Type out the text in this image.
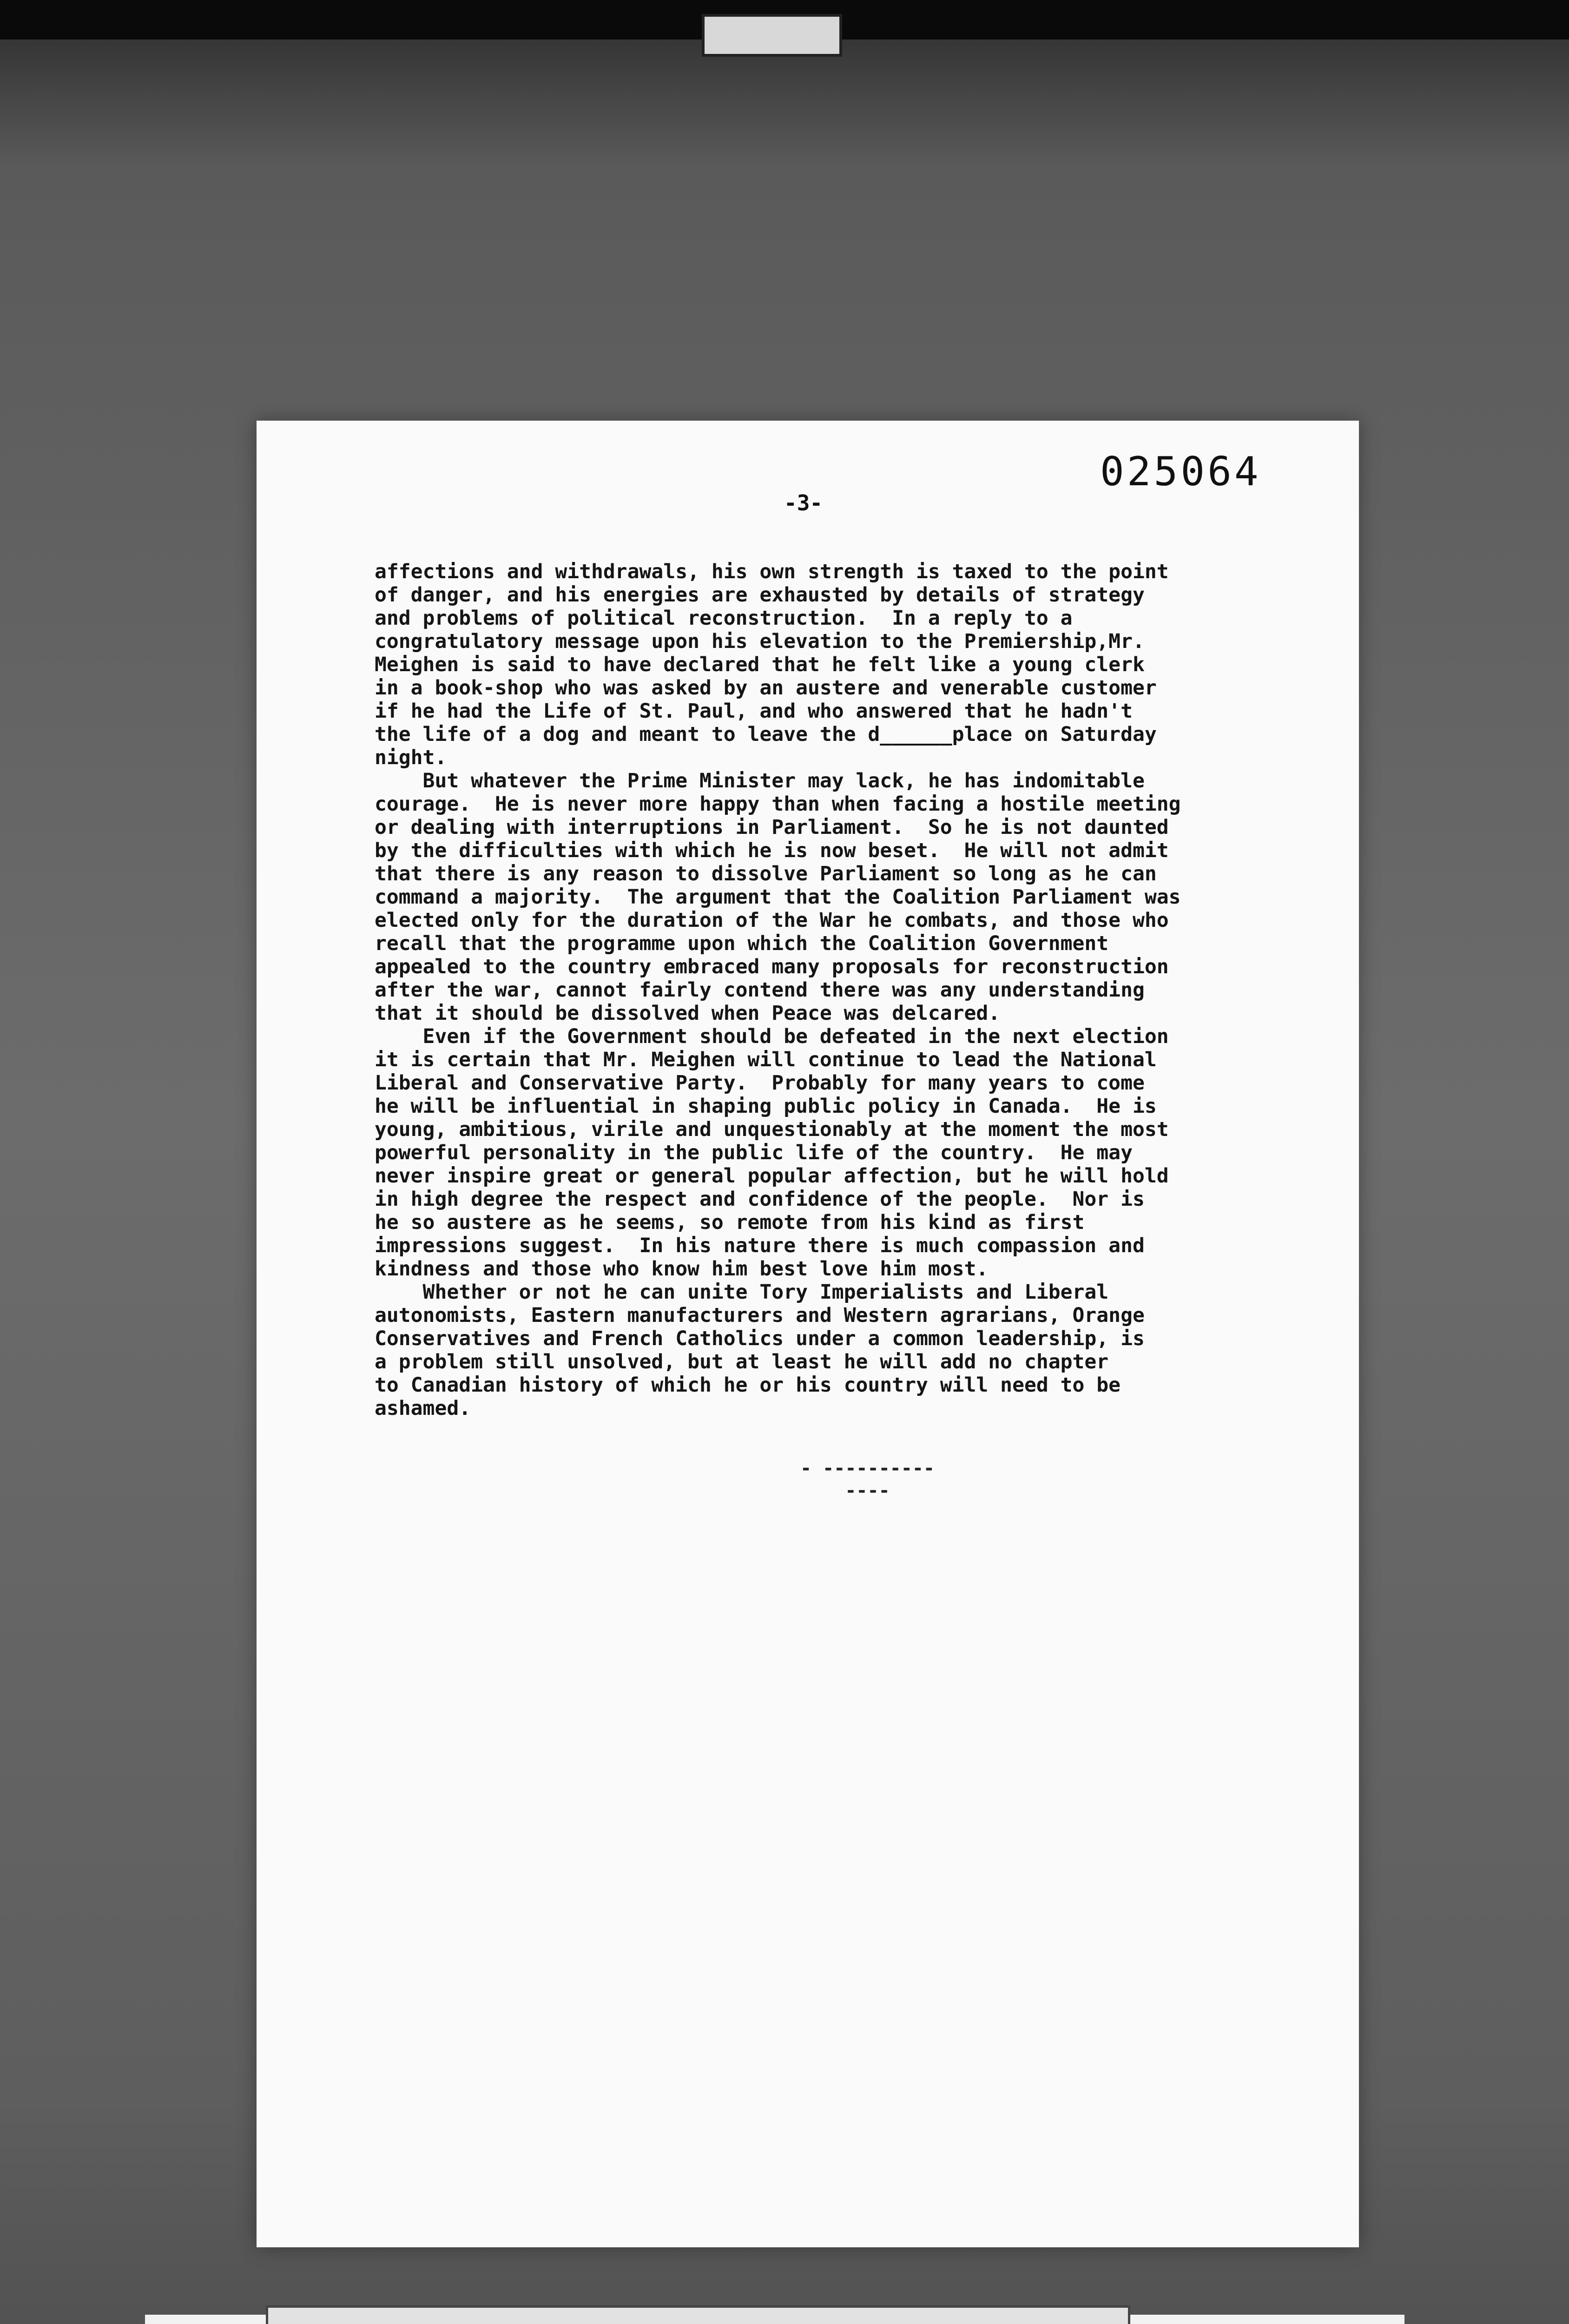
025064
-3-
affections and withdrawals, his own strength is taxed to the point
of danger, and his energies are exhausted by details of strategy
and problems of political reconstruction.  In a reply to a
congratulatory message upon his elevation to the Premiership,Mr.
Meighen is said to have declared that he felt like a young clerk
in a book-shop who was asked by an austere and venerable customer
if he had the Life of St. Paul, and who answered that he hadn't
the life of a dog and meant to leave the d______place on Saturday
night.
But whatever the Prime Minister may lack, he has indomitable
courage.  He is never more happy than when facing a hostile meeting
or dealing with interruptions in Parliament.  So he is not daunted
by the difficulties with which he is now beset.  He will not admit
that there is any reason to dissolve Parliament so long as he can
command a majority.  The argument that the Coalition Parliament was
elected only for the duration of the War he combats, and those who
recall that the programme upon which the Coalition Government
appealed to the country embraced many proposals for reconstruction
after the war, cannot fairly contend there was any understanding
that it should be dissolved when Peace was delcared.
Even if the Government should be defeated in the next election
it is certain that Mr. Meighen will continue to lead the National
Liberal and Conservative Party.  Probably for many years to come
he will be influential in shaping public policy in Canada.  He is
young, ambitious, virile and unquestionably at the moment the most
powerful personality in the public life of the country.  He may
never inspire great or general popular affection, but he will hold
in high degree the respect and confidence of the people.  Nor is
he so austere as he seems, so remote from his kind as first
impressions suggest.  In his nature there is much compassion and
kindness and those who know him best love him most.
Whether or not he can unite Tory Imperialists and Liberal
autonomists, Eastern manufacturers and Western agrarians, Orange
Conservatives and French Catholics under a common leadership, is
a problem still unsolved, but at least he will add no chapter
to Canadian history of which he or his country will need to be
ashamed.
- ----------
----
